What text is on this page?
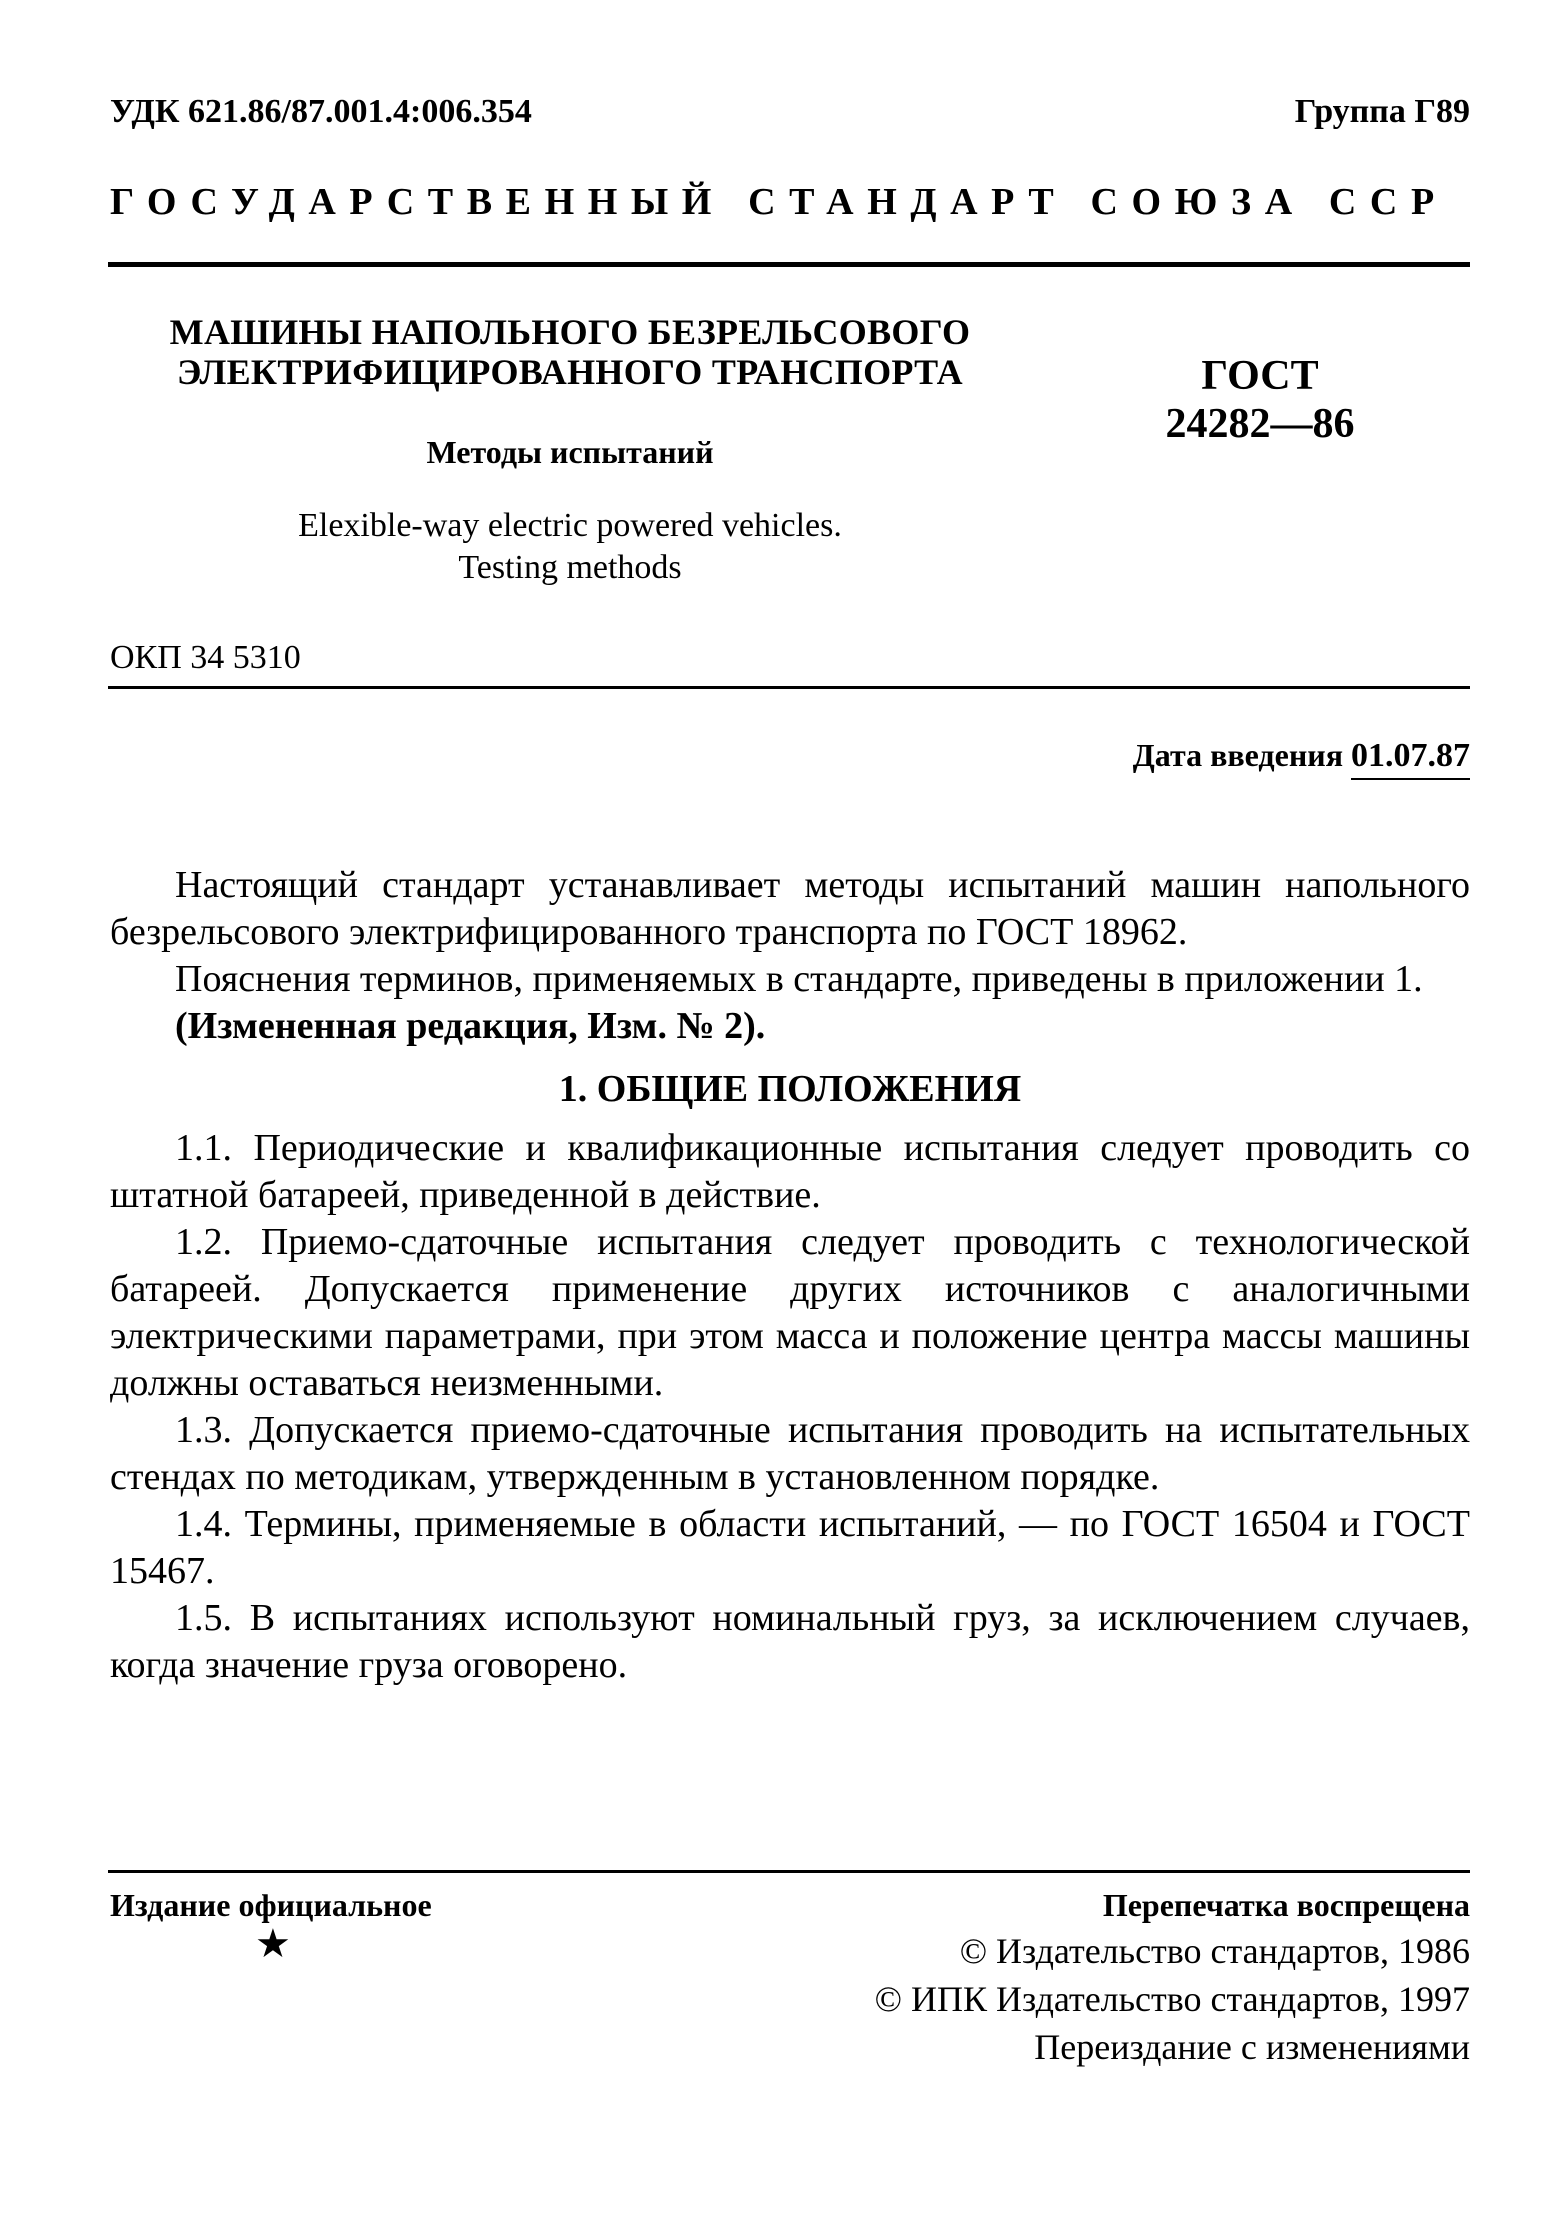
УДК 621.86/87.001.4:006.354	Группа Г89
ГОСУДАРСТВЕННЫЙ СТАНДАРТ СОЮЗА ССР
МАШИНЫ НАПОЛЬНОГО БЕЗРЕЛЬСОВОГО
ЭЛЕКТРИФИЦИРОВАННОГО ТРАНСПОРТА
Методы испытаний
Elexible-way electric powered vehicles.
Testing methods
ГОСТ
24282—86
ОКП 34 5310
Дата введения 01.07.87

Настоящий стандарт устанавливает методы испытаний машин напольного безрельсового электрифицированного транспорта по ГОСТ 18962.

Пояснения терминов, применяемых в стандарте, приведены в приложении 1.

(Измененная редакция, Изм. № 2).

1. ОБЩИЕ ПОЛОЖЕНИЯ

1.1. Периодические и квалификационные испытания следует проводить со штатной батареей, приведенной в действие.

1.2. Приемо-сдаточные испытания следует проводить с технологической батареей. Допускается применение других источников с аналогичными электрическими параметрами, при этом масса и положение центра массы машины должны оставаться неизменными.

1.3. Допускается приемо-сдаточные испытания проводить на испытательных стендах по методикам, утвержденным в установленном порядке.

1.4. Термины, применяемые в области испытаний, — по ГОСТ 16504 и ГОСТ 15467.

1.5. В испытаниях используют номинальный груз, за исключением случаев, когда значение груза оговорено.

Издание официальное
★
Перепечатка воспрещена
© Издательство стандартов, 1986
© ИПК Издательство стандартов, 1997
Переиздание с изменениями
